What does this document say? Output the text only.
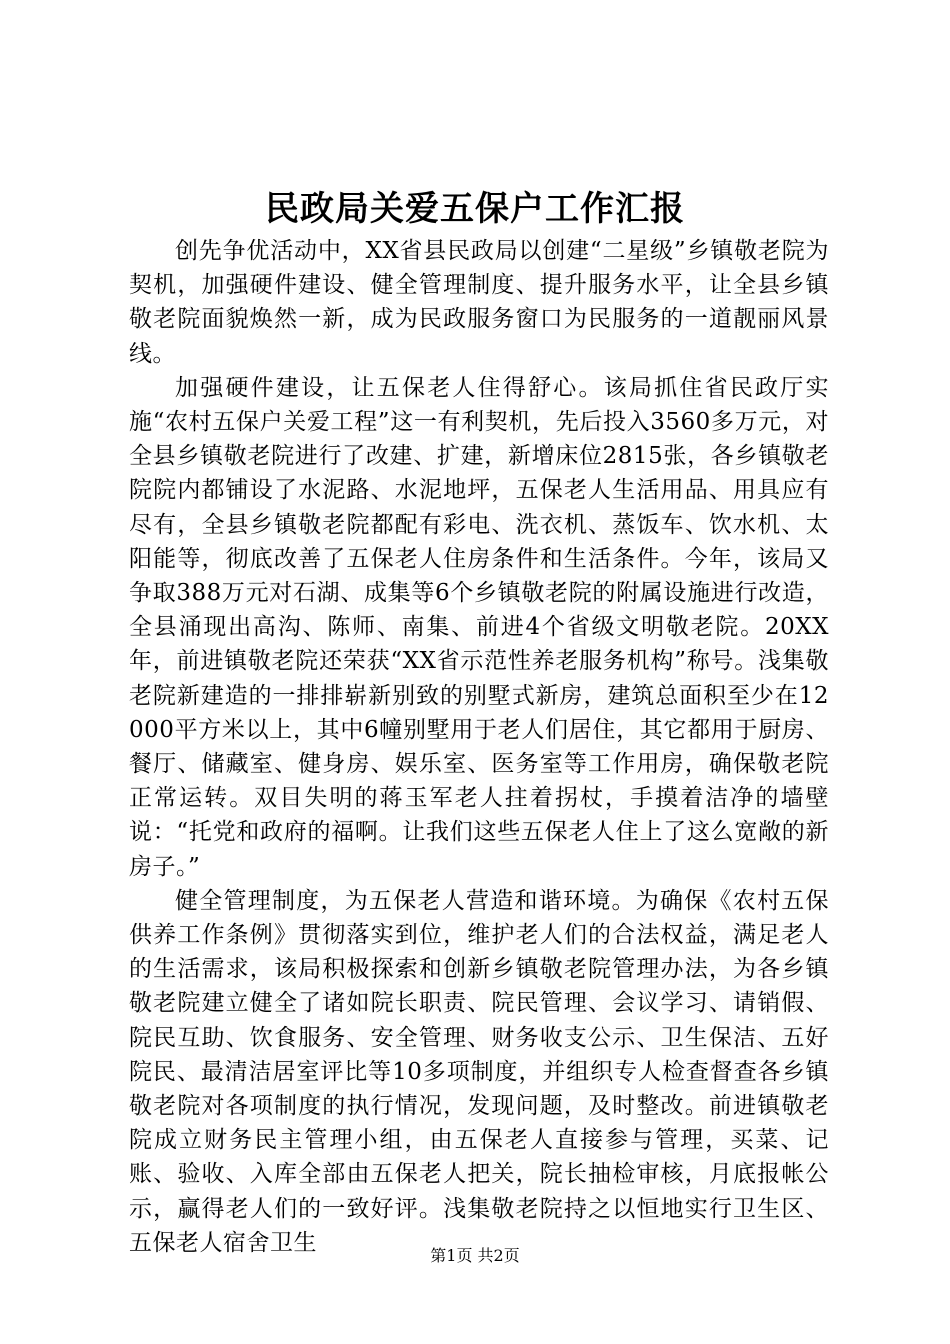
民政局关爱五保户工作汇报

创先争优活动中，XX省县民政局以创建“二星级”乡镇敬老院为契机，加强硬件建设、健全管理制度、提升服务水平，让全县乡镇敬老院面貌焕然一新，成为民政服务窗口为民服务的一道靓丽风景线。

加强硬件建设，让五保老人住得舒心。该局抓住省民政厅实施“农村五保户关爱工程”这一有利契机，先后投入3560多万元，对全县乡镇敬老院进行了改建、扩建，新增床位2815张，各乡镇敬老院院内都铺设了水泥路、水泥地坪，五保老人生活用品、用具应有尽有，全县乡镇敬老院都配有彩电、洗衣机、蒸饭车、饮水机、太阳能等，彻底改善了五保老人住房条件和生活条件。今年，该局又争取388万元对石湖、成集等6个乡镇敬老院的附属设施进行改造，全县涌现出高沟、陈师、南集、前进4个省级文明敬老院。20XX年，前进镇敬老院还荣获“XX省示范性养老服务机构”称号。浅集敬老院新建造的一排排崭新别致的别墅式新房，建筑总面积至少在12000平方米以上，其中6幢别墅用于老人们居住，其它都用于厨房、餐厅、储藏室、健身房、娱乐室、医务室等工作用房，确保敬老院正常运转。双目失明的蒋玉军老人拄着拐杖，手摸着洁净的墙壁说：“托党和政府的福啊。让我们这些五保老人住上了这么宽敞的新房子。”

健全管理制度，为五保老人营造和谐环境。为确保《农村五保供养工作条例》贯彻落实到位，维护老人们的合法权益，满足老人的生活需求，该局积极探索和创新乡镇敬老院管理办法，为各乡镇敬老院建立健全了诸如院长职责、院民管理、会议学习、请销假、院民互助、饮食服务、安全管理、财务收支公示、卫生保洁、五好院民、最清洁居室评比等10多项制度，并组织专人检查督查各乡镇敬老院对各项制度的执行情况，发现问题，及时整改。前进镇敬老院成立财务民主管理小组，由五保老人直接参与管理，买菜、记账、验收、入库全部由五保老人把关，院长抽检审核，月底报帐公示，赢得老人们的一致好评。浅集敬老院持之以恒地实行卫生区、五保老人宿舍卫生	第1页 共2页
